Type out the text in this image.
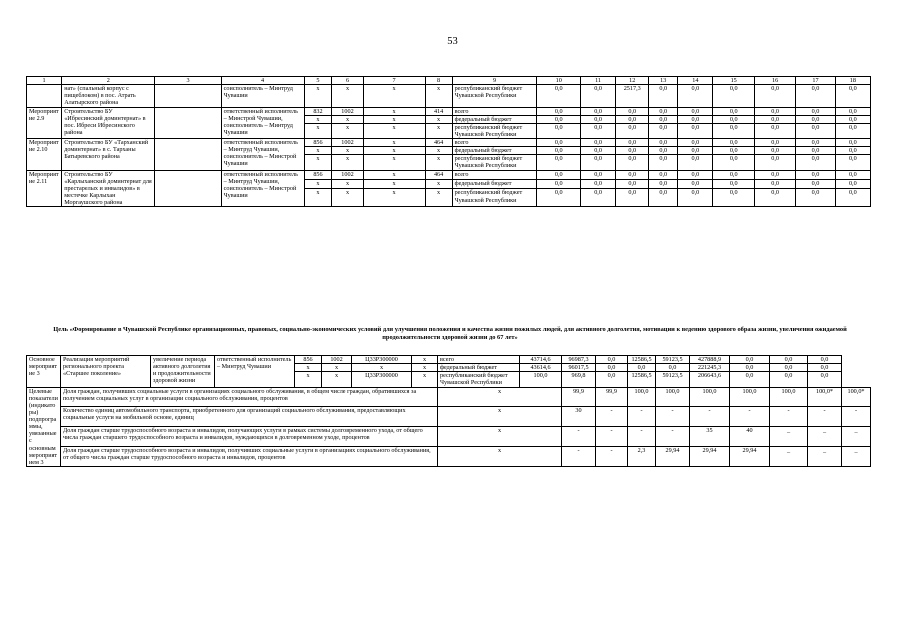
53
1	2	3	4	5	6	7	8	9	10	11	12	13	14	15	16	17	18
	нат» (спальный корпус с пищеблоком) в пос. Атрать Алатырского района		соисполнитель – Минтруд Чувашии	x	x	x	x	республиканский бюджет Чувашской Республики	0,0	0,0	2517,3	0,0	0,0	0,0	0,0	0,0	0,0
Мероприятие 2.9	Строительство БУ «Ибресинский доминтернат» в пос. Ибреси Ибресинского района		ответственный исполнитель – Минстрой Чувашии, соисполнитель – Минтруд Чувашии	832	1002	x	414	всего	0,0	0,0	0,0	0,0	0,0	0,0	0,0	0,0	0,0
				x	x	x	x	федеральный бюджет	0,0	0,0	0,0	0,0	0,0	0,0	0,0	0,0	0,0
				x	x	x	x	республиканский бюджет Чувашской Республики	0,0	0,0	0,0	0,0	0,0	0,0	0,0	0,0	0,0
Мероприятие 2.10	Строительство БУ «Тарханский доминтернат» в с. Тарханы Батыревского района		ответственный исполнитель – Минтруд Чувашии, соисполнитель – Минстрой Чувашии	856	1002	x	464	всего	0,0	0,0	0,0	0,0	0,0	0,0	0,0	0,0	0,0
				x	x	x	x	федеральный бюджет	0,0	0,0	0,0	0,0	0,0	0,0	0,0	0,0	0,0
				x	x	x	x	республиканский бюджет Чувашской Республики	0,0	0,0	0,0	0,0	0,0	0,0	0,0	0,0	0,0
Мероприятие 2.11	Строительство БУ «Карлыханский доминтернат для престарелых и инвалидов» в местечке Карлыхан Моргаушского района		ответственный исполнитель – Минтруд Чувашии, соисполнитель – Минстрой Чувашии	856	1002	x	464	всего	0,0	0,0	0,0	0,0	0,0	0,0	0,0	0,0	0,0
				x	x	x	x	федеральный бюджет	0,0	0,0	0,0	0,0	0,0	0,0	0,0	0,0	0,0
				x	x	x	x	республиканский бюджет Чувашской Республики	0,0	0,0	0,0	0,0	0,0	0,0	0,0	0,0	0,0
Цель «Формирование в Чувашской Республике организационных, правовых, социально-экономических условий для улучшения положения и качества жизни пожилых людей, для активного долголетия, мотивации к ведению здорового образа жизни, увеличения ожидаемой продолжительности здоровой жизни до 67 лет»
Основное мероприятие 3	Реализация мероприятий регионального проекта «Старшее поколение»	увеличение периода активного долголетия и продолжительности здоровой жизни	ответственный исполнитель – Минтруд Чувашии	856	1002	Ц33Р300000	x	всего	43714,6	96987,3	0,0	12586,5	59123,5	427888,9	0,0	0,0	0,0	
				x	x	x	x	федеральный бюджет	43614,6	96017,5	0,0	0,0	0,0	221245,3	0,0	0,0	0,0	
				x	x	Ц33Р300000	x	республиканский бюджет Чувашской Республики	100,0	969,8	0,0	12586,5	59123,5	206643,6	0,0	0,0	0,0	
Целевые показатели (индикаторы) подпрограммы, увязанные с основным мероприятием 3	Доля граждан, получивших социальные услуги в организациях социального обслуживания, в общем числе граждан, обратившихся за получением социальных услуг в организации социального обслуживания, процентов							x		99,9	99,9	100,0	100,0	100,0	100,0	100,0	100,0*	100,0*
	Количество единиц автомобильного транспорта, приобретенного для организаций социального обслуживания, предоставляющих социальные услуги на мобильной основе, единиц							x		30	-	-	-	-	-	-	-	-
	Доля граждан старше трудоспособного возраста и инвалидов, получающих услуги в рамках системы долговременного ухода, от общего числа граждан старшего трудоспособного возраста и инвалидов, нуждающихся в долговременном уходе, процентов							x		-	-	-	-	35	40	_	_	_
	Доля граждан старше трудоспособного возраста и инвалидов, получивших социальные услуги в организациях социального обслуживания, от общего числа граждан старше трудоспособного возраста и инвалидов, процентов							x		-	-	2,3	29,94	29,94	29,94	_	_	_
